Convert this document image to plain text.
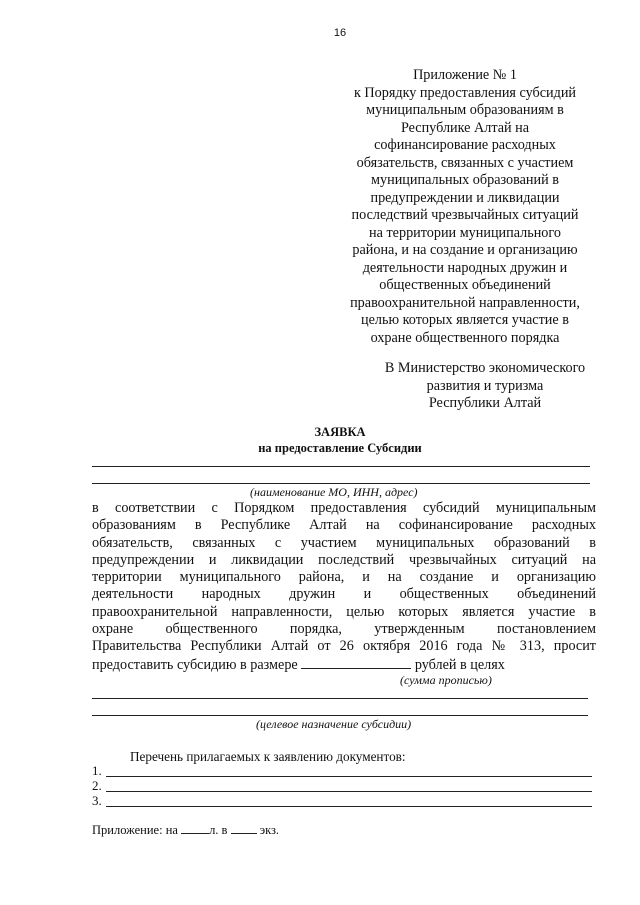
16
Приложение № 1
к Порядку предоставления субсидий
муниципальным образованиям в
Республике Алтай на
софинансирование расходных
обязательств, связанных с участием
муниципальных образований в
предупреждении и ликвидации
последствий чрезвычайных ситуаций
на территории муниципального
района, и на создание и организацию
деятельности народных дружин и
общественных объединений
правоохранительной направленности,
целью которых является участие в
охране общественного порядка
В Министерство экономического
развития и туризма
Республики Алтай
ЗАЯВКА
на предоставление Субсидии
(наименование МО, ИНН, адрес)
в соответствии с Порядком предоставления субсидий муниципальным
образованиям в Республике Алтай на софинансирование расходных
обязательств, связанных с участием муниципальных образований в
предупреждении и ликвидации последствий чрезвычайных ситуаций на
территории муниципального района, и на создание и организацию
деятельности народных дружин и общественных объединений
правоохранительной направленности, целью которых является участие в
охране общественного порядка, утвержденным постановлением
Правительства Республики Алтай от 26 октября 2016 года № 313, просит
предоставить субсидию в размере	рублей в целях
(сумма прописью)
(целевое назначение субсидии)
Перечень прилагаемых к заявлению документов:
1.
2.
3.
Приложение: на л. в	экз.
